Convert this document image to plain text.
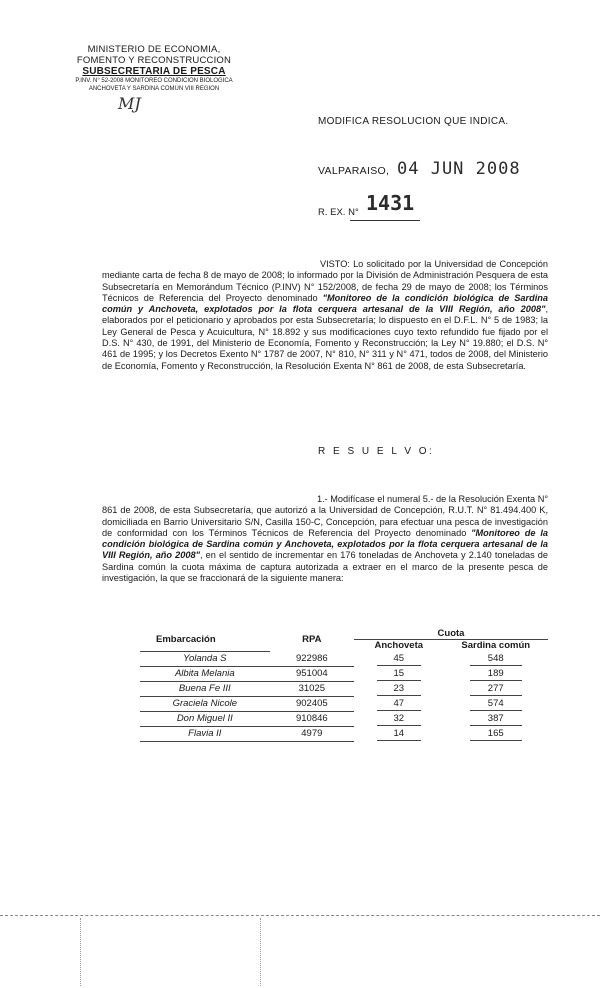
MINISTERIO DE ECONOMIA,
FOMENTO Y RECONSTRUCCION
SUBSECRETARIA DE PESCA
P.INV. N° 52-2008 MONITOREO CONDICION BIOLOGICA
ANCHOVETA Y SARDINA COMUN VIII REGION
MJ
MODIFICA RESOLUCION QUE INDICA.
VALPARAISO, 04 JUN 2008
R. EX. N° 1431
VISTO: Lo solicitado por la Universidad de Concepción mediante carta de fecha 8 de mayo de 2008; lo informado por la División de Administración Pesquera de esta Subsecretaría en Memorándum Técnico (P.INV) N° 152/2008, de fecha 29 de mayo de 2008; los Términos Técnicos de Referencia del Proyecto denominado "Monitoreo de la condición biológica de Sardina común y Anchoveta, explotados por la flota cerquera artesanal de la VIII Región, año 2008", elaborados por el peticionario y aprobados por esta Subsecretaría; lo dispuesto en el D.F.L. N° 5 de 1983; la Ley General de Pesca y Acuicultura, N° 18.892 y sus modificaciones cuyo texto refundido fue fijado por el D.S. N° 430, de 1991, del Ministerio de Economía, Fomento y Reconstrucción; la Ley N° 19.880; el D.S. N° 461 de 1995; y los Decretos Exento N° 1787 de 2007, N° 810, N° 311 y N° 471, todos de 2008, del Ministerio de Economía, Fomento y Reconstrucción, la Resolución Exenta N° 861 de 2008, de esta Subsecretaría.
R E S U E L V O:
1.- Modifícase el numeral 5.- de la Resolución Exenta N° 861 de 2008, de esta Subsecretaría, que autorizó a la Universidad de Concepción, R.U.T. N° 81.494.400 K, domiciliada en Barrio Universitario S/N, Casilla 150-C, Concepción, para efectuar una pesca de investigación de conformidad con los Términos Técnicos de Referencia del Proyecto denominado "Monitoreo de la condición biológica de Sardina común y Anchoveta, explotados por la flota cerquera artesanal de la VIII Región, año 2008", en el sentido de incrementar en 176 toneladas de Anchoveta y 2.140 toneladas de Sardina común la cuota máxima de captura autorizada a extraer en el marco de la presente pesca de investigación, la que se fraccionará de la siguiente manera:
Embarcación	RPA	Cuota	
		Anchoveta	Sardina común
Yolanda S	922986	45	548
Albita Melania	951004	15	189
Buena Fe III	31025	23	277
Graciela Nicole	902405	47	574
Don Miguel II	910846	32	387
Flavia II	4979	14	165
